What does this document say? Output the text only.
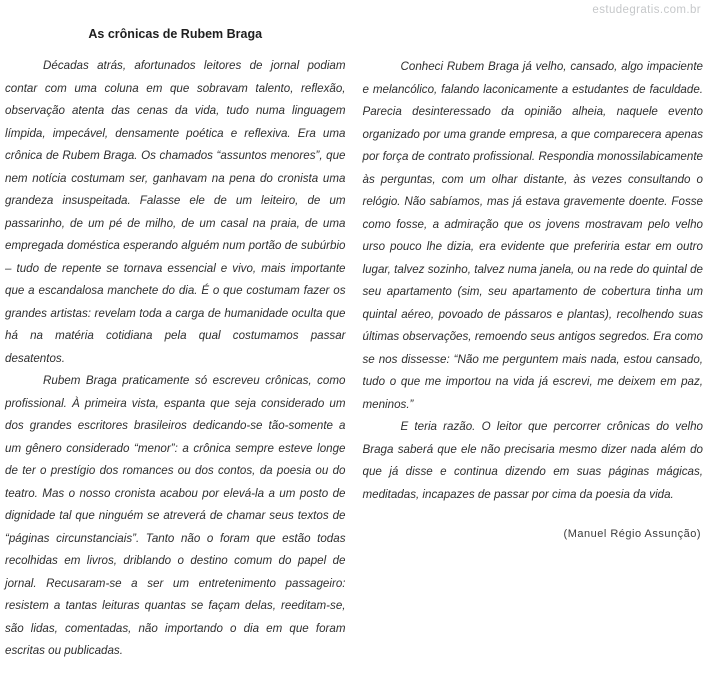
estudegratis.com.br
As crônicas de Rubem Braga

Décadas atrás, afortunados leitores de jornal podiam contar com uma coluna em que sobravam talento, reflexão, observação atenta das cenas da vida, tudo numa linguagem límpida, impecável, densamente poética e reflexiva. Era uma crônica de Rubem Braga. Os chamados “assuntos menores”, que nem notícia costumam ser, ganhavam na pena do cronista uma grandeza insuspeitada. Falasse ele de um leiteiro, de um passarinho, de um pé de milho, de um casal na praia, de uma empregada doméstica esperando alguém num portão de subúrbio – tudo de repente se tornava essencial e vivo, mais importante que a escandalosa manchete do dia. É o que costumam fazer os grandes artistas: revelam toda a carga de humanidade oculta que há na matéria cotidiana pela qual costumamos passar desatentos.

Rubem Braga praticamente só escreveu crônicas, como profissional. À primeira vista, espanta que seja considerado um dos grandes escritores brasileiros dedicando-se tão-somente a um gênero considerado “menor”: a crônica sempre esteve longe de ter o prestígio dos romances ou dos contos, da poesia ou do teatro. Mas o nosso cronista acabou por elevá-la a um posto de dignidade tal que ninguém se atreverá de chamar seus textos de “páginas circunstanciais”. Tanto não o foram que estão todas recolhidas em livros, driblando o destino comum do papel de jornal. Recusaram-se a ser um entretenimento passageiro: resistem a tantas leituras quantas se façam delas, reeditam-se, são lidas, comentadas, não importando o dia em que foram escritas ou publicadas.

Conheci Rubem Braga já velho, cansado, algo impaciente e melancólico, falando laconicamente a estudantes de faculdade. Parecia desinteressado da opinião alheia, naquele evento organizado por uma grande empresa, a que comparecera apenas por força de contrato profissional. Respondia monossilabicamente às perguntas, com um olhar distante, às vezes consultando o relógio. Não sabíamos, mas já estava gravemente doente. Fosse como fosse, a admiração que os jovens mostravam pelo velho urso pouco lhe dizia, era evidente que preferiria estar em outro lugar, talvez sozinho, talvez numa janela, ou na rede do quintal de seu apartamento (sim, seu apartamento de cobertura tinha um quintal aéreo, povoado de pássaros e plantas), recolhendo suas últimas observações, remoendo seus antigos segredos. Era como se nos dissesse: “Não me perguntem mais nada, estou cansado, tudo o que me importou na vida já escrevi, me deixem em paz, meninos.”

E teria razão. O leitor que percorrer crônicas do velho Braga saberá que ele não precisaria mesmo dizer nada além do que já disse e continua dizendo em suas páginas mágicas, meditadas, incapazes de passar por cima da poesia da vida.

(Manuel Régio Assunção)
